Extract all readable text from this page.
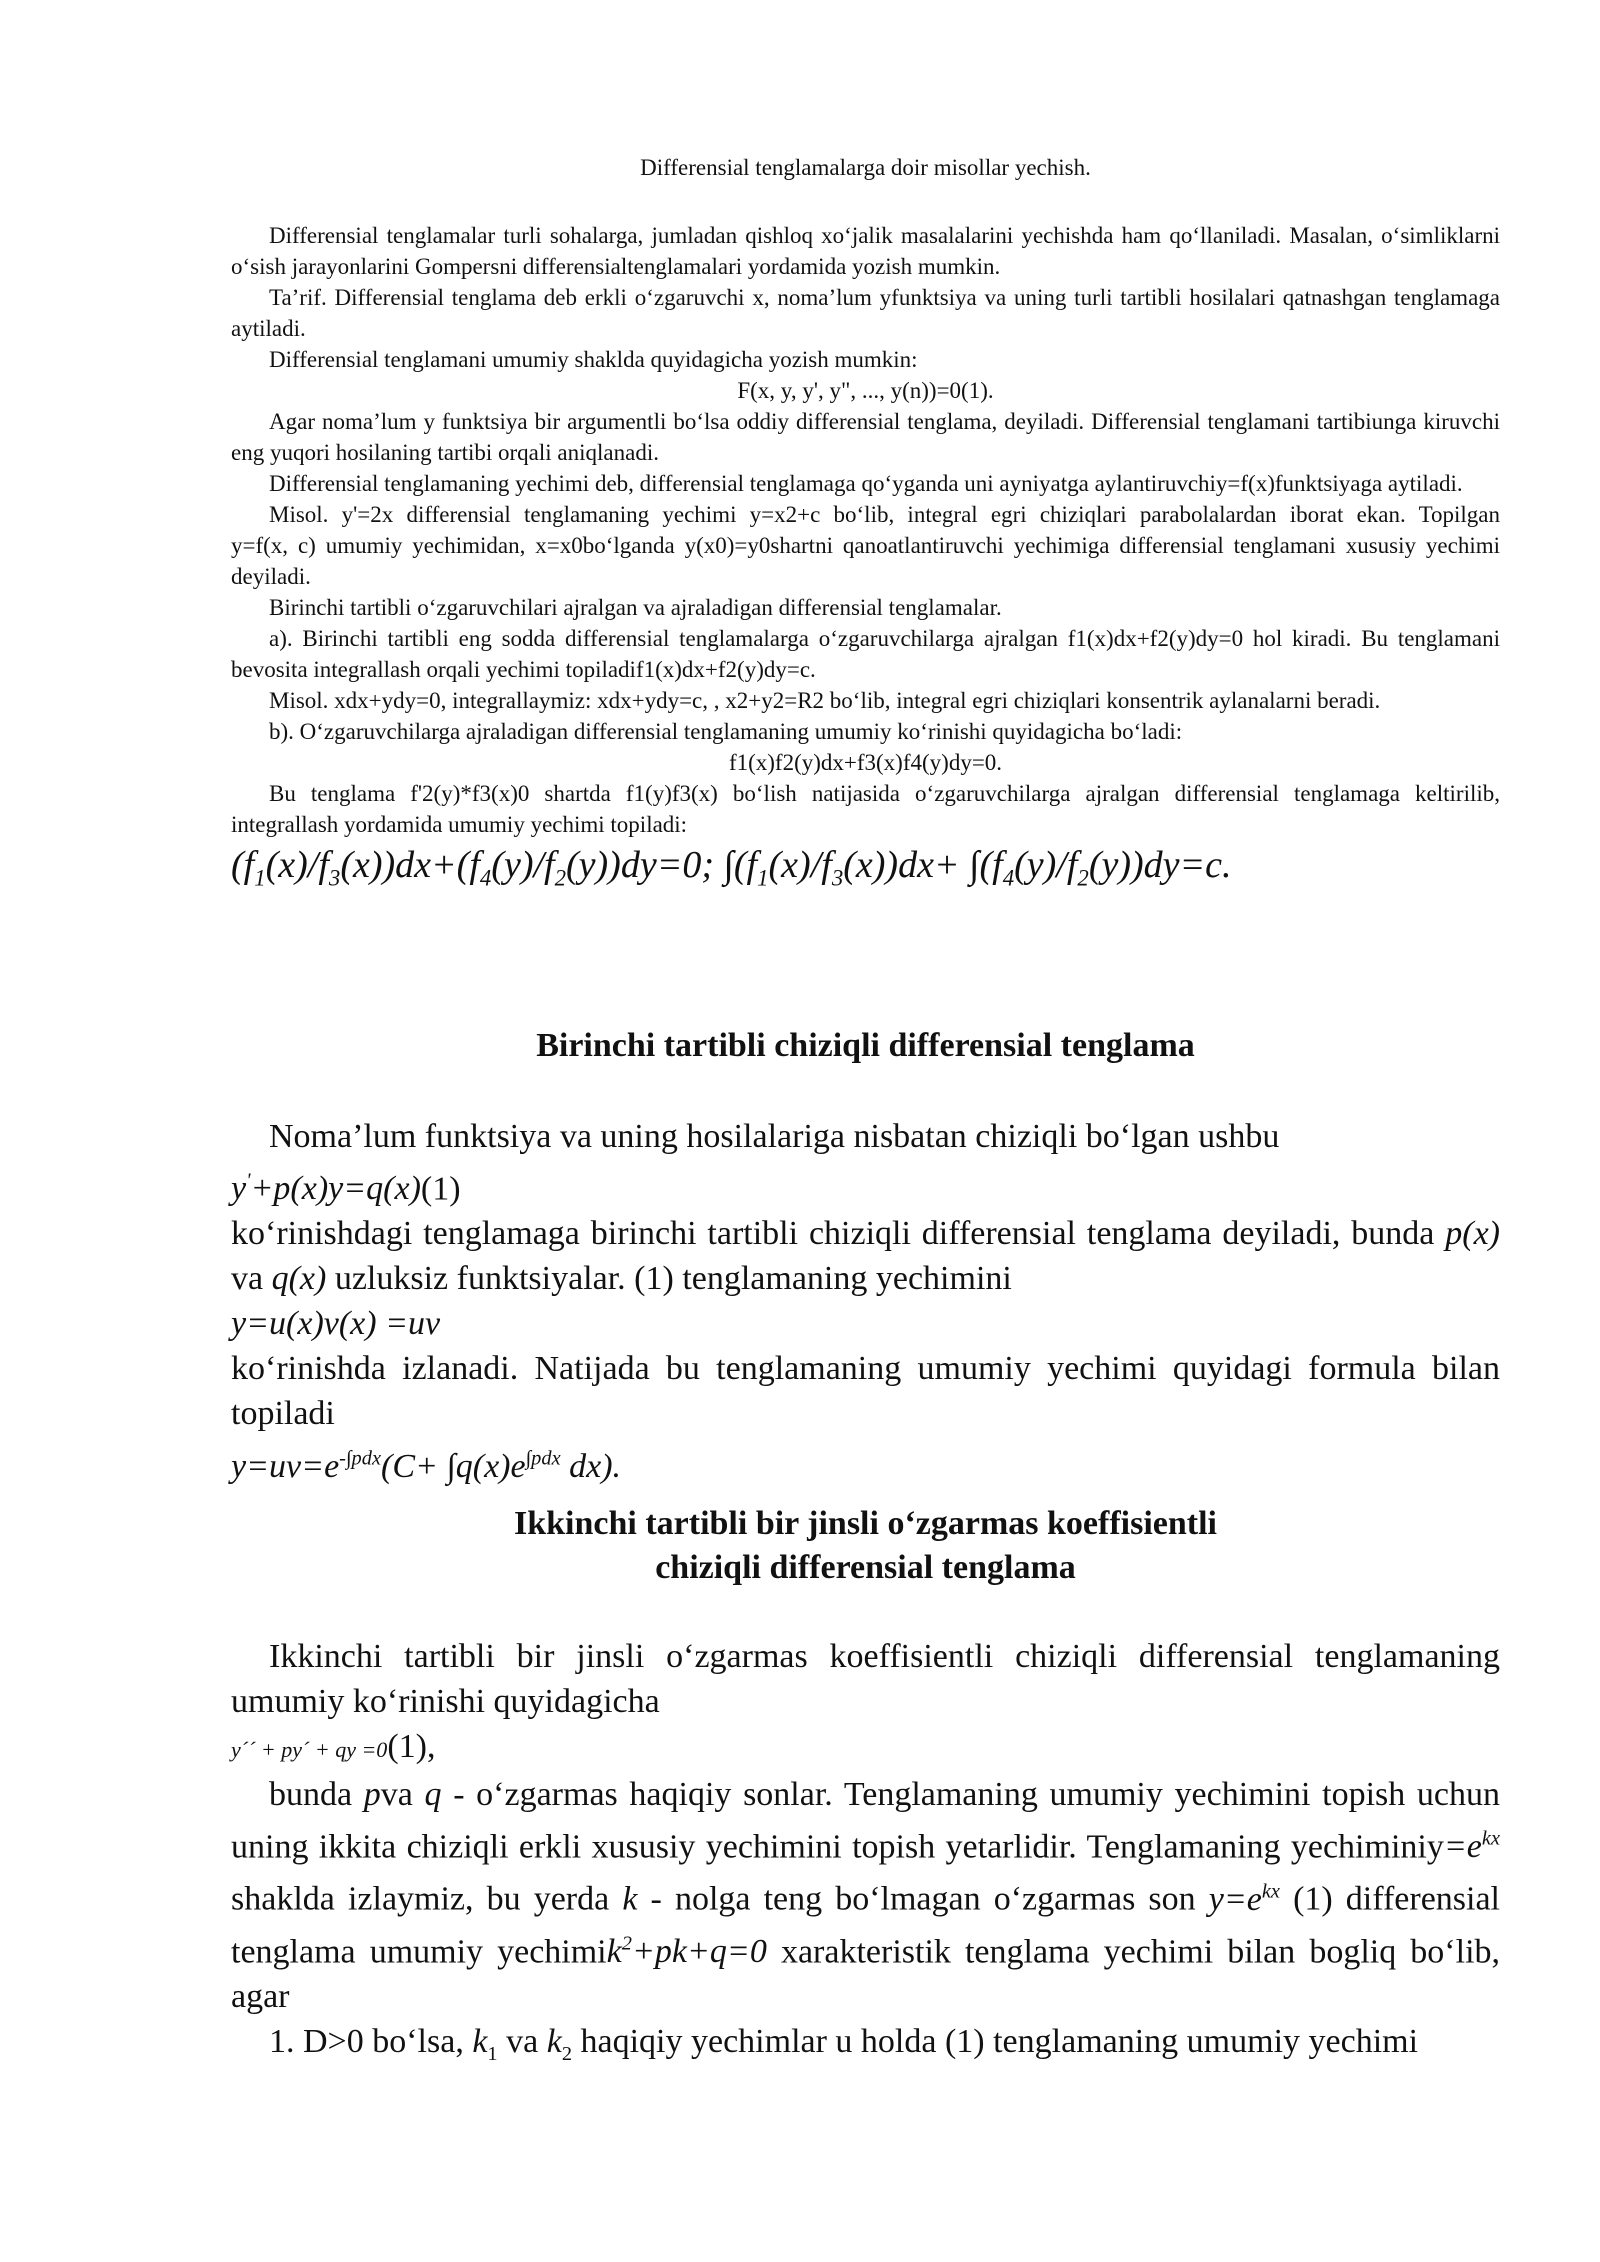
Differensial tenglamalarga doir misollar yechish.

Differensial tenglamalar turli sohalarga, jumladan qishloq xo‘jalik masalalarini yechishda ham qo‘llaniladi. Masalan, o‘simliklarni o‘sish jarayonlarini Gompersni differensialtenglamalari yordamida yozish mumkin.

Ta’rif. Differensial tenglama deb erkli o‘zgaruvchi x, noma’lum yfunktsiya va uning turli tartibli hosilalari qatnashgan tenglamaga aytiladi.

Differensial tenglamani umumiy shaklda quyidagicha yozish mumkin:

F(x, y, y', y", ..., y(n))=0(1).

Agar noma’lum y funktsiya bir argumentli bo‘lsa oddiy differensial tenglama, deyiladi. Differensial tenglamani tartibiunga kiruvchi eng yuqori hosilaning tartibi orqali aniqlanadi.

Differensial tenglamaning yechimi deb, differensial tenglamaga qo‘yganda uni ayniyatga aylantiruvchiy=f(x)funktsiyaga aytiladi.

Misol. y'=2x differensial tenglamaning yechimi y=x2+c bo‘lib, integral egri chiziqlari parabolalardan iborat ekan. Topilgan

y=f(x, c) umumiy yechimidan, x=x0bo‘lganda y(x0)=y0shartni qanoatlantiruvchi yechimiga differensial tenglamani xususiy yechimi deyiladi.

Birinchi tartibli o‘zgaruvchilari ajralgan va ajraladigan differensial tenglamalar.

a). Birinchi tartibli eng sodda differensial tenglamalarga o‘zgaruvchilarga ajralgan f1(x)dx+f2(y)dy=0 hol kiradi. Bu tenglamani bevosita integrallash orqali yechimi topiladif1(x)dx+f2(y)dy=c.

Misol. xdx+ydy=0, integrallaymiz: xdx+ydy=c, , x2+y2=R2 bo‘lib, integral egri chiziqlari konsentrik aylanalarni beradi.

b). O‘zgaruvchilarga ajraladigan differensial tenglamaning umumiy ko‘rinishi quyidagicha bo‘ladi:

f1(x)f2(y)dx+f3(x)f4(y)dy=0.

Bu tenglama f'2(y)*f3(x)0 shartda f1(y)f3(x) bo‘lish natijasida o‘zgaruvchilarga ajralgan differensial tenglamaga keltirilib, integrallash yordamida umumiy yechimi topiladi:

$(f_1(x)/f_3(x))dx+(f_4(y)/f_2(y))dy=0$; $\int(f_1(x)/f_3(x))dx+ \int(f_4(y)/f_2(y))dy=c$.

Birinchi tartibli chiziqli differensial tenglama

Noma’lum funktsiya va uning hosilalariga nisbatan chiziqli bo‘lgan ushbu

y'+p(x)y=q(x)(1)

ko‘rinishdagi tenglamaga birinchi tartibli chiziqli differensial tenglama deyiladi, bunda p(x) va q(x) uzluksiz funktsiyalar. (1) tenglamaning yechimini

y=u(x)v(x) =uv

ko‘rinishda izlanadi. Natijada bu tenglamaning umumiy yechimi quyidagi formula bilan topiladi

$y=uv=e^{-\int pdx}(C+ \int q(x)e^{\int pdx}$ dx).

Ikkinchi tartibli bir jinsli o‘zgarmas koeffisientli

chiziqli differensial tenglama

Ikkinchi tartibli bir jinsli o‘zgarmas koeffisientli chiziqli differensial tenglamaning umumiy ko‘rinishi quyidagicha

y´´ + py´ + qy =0(1),

bunda pva q - o‘zgarmas haqiqiy sonlar. Tenglamaning umumiy yechimini topish uchun uning ikkita chiziqli erkli xususiy yechimini topish yetarlidir. Tenglamaning $yechiminiy=e^{kx}$ shaklda izlaymiz, bu yerda k - nolga teng bo‘lmagan o‘zgarmas son $y=e^{kx}$ (1) differensial tenglama umumiy yechimik$^2$+pk+q=0 xarakteristik tenglama yechimi bilan bogliq bo‘lib, agar

1. D>0 bo‘lsa, $k_1$ va $k_2$ haqiqiy yechimlar u holda (1) tenglamaning umumiy yechimi
